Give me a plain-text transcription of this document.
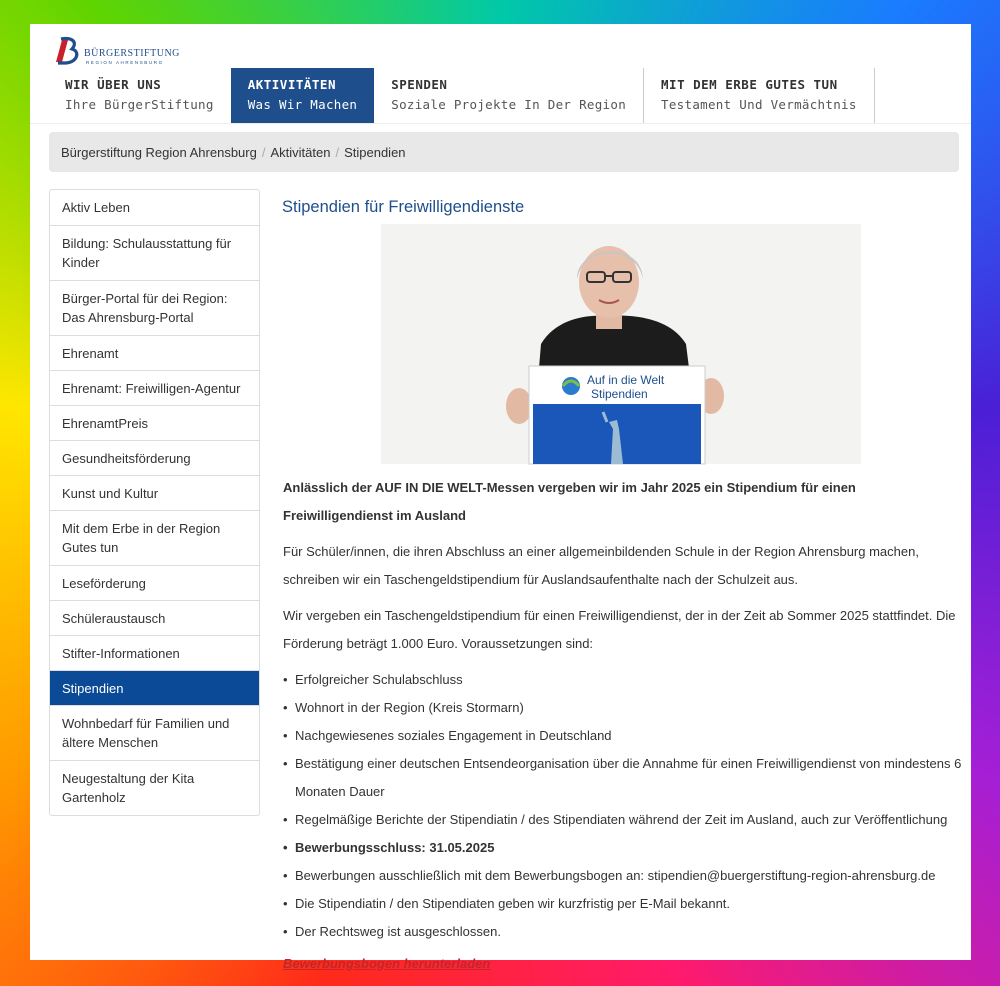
BÜRGERSTIFTUNG
REGION AHRENSBURG
WIR ÜBER UNS
Ihre BürgerStiftung
AKTIVITÄTEN
Was Wir Machen
SPENDEN
Soziale Projekte In Der Region
MIT DEM ERBE GUTES TUN
Testament Und Vermächtnis
Bürgerstiftung Region Ahrensburg / Aktivitäten / Stipendien
Aktiv Leben
Bildung: Schulausstattung für Kinder
Bürger-Portal für dei Region: Das Ahrensburg-Portal
Ehrenamt
Ehrenamt: Freiwilligen-Agentur
EhrenamtPreis
Gesundheitsförderung
Kunst und Kultur
Mit dem Erbe in der Region Gutes tun
Leseförderung
Schüleraustausch
Stifter-Informationen
Stipendien
Wohnbedarf für Familien und ältere Menschen
Neugestaltung der Kita Gartenholz
Stipendien für Freiwilligendienste
Auf in die Welt
Stipendien

Anlässlich der AUF IN DIE WELT-Messen vergeben wir im Jahr 2025 ein Stipendium für einen Freiwilligendienst im Ausland

Für Schüler/innen, die ihren Abschluss an einer allgemeinbildenden Schule in der Region Ahrensburg machen, schreiben wir ein Taschengeldstipendium für Auslandsaufenthalte nach der Schulzeit aus.

Wir vergeben ein Taschengeldstipendium für einen Freiwilligendienst, der in der Zeit ab Sommer 2025 stattfindet. Die Förderung beträgt 1.000 Euro. Voraussetzungen sind:

• Erfolgreicher Schulabschluss
• Wohnort in der Region (Kreis Stormarn)
• Nachgewiesenes soziales Engagement in Deutschland
• Bestätigung einer deutschen Entsendeorganisation über die Annahme für einen Freiwilligendienst von mindestens 6 Monaten Dauer
• Regelmäßige Berichte der Stipendiatin / des Stipendiaten während der Zeit im Ausland, auch zur Veröffentlichung
• Bewerbungsschluss: 31.05.2025
• Bewerbungen ausschließlich mit dem Bewerbungsbogen an: stipendien@buergerstiftung-region-ahrensburg.de
• Die Stipendiatin / den Stipendiaten geben wir kurzfristig per E-Mail bekannt.
• Der Rechtsweg ist ausgeschlossen.
Bewerbungsbogen herunterladen
